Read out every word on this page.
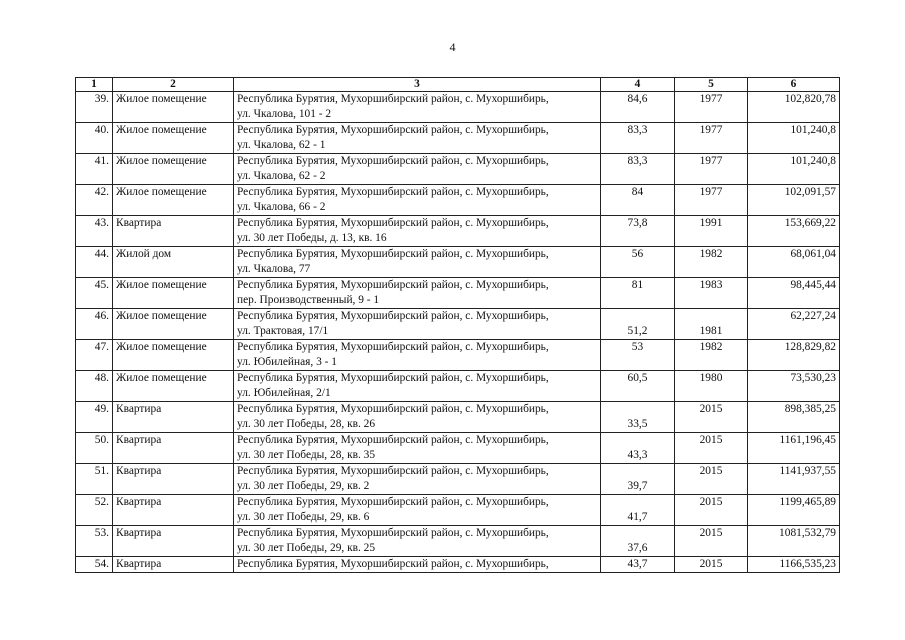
4
1	2	3	4	5	6
39.	Жилое помещение	Республика Бурятия, Мухоршибирский район, с. Мухоршибирь,
ул. Чкалова, 101 - 2	84,6	1977	102,820,78
40.	Жилое помещение	Республика Бурятия, Мухоршибирский район, с. Мухоршибирь,
ул. Чкалова, 62 - 1	83,3	1977	101,240,8
41.	Жилое помещение	Республика Бурятия, Мухоршибирский район, с. Мухоршибирь,
ул. Чкалова, 62 - 2	83,3	1977	101,240,8
42.	Жилое помещение	Республика Бурятия, Мухоршибирский район, с. Мухоршибирь,
ул. Чкалова, 66 - 2	84	1977	102,091,57
43.	Квартира	Республика Бурятия, Мухоршибирский район, с. Мухоршибирь,
ул. 30 лет Победы, д. 13, кв. 16	73,8	1991	153,669,22
44.	Жилой дом	Республика Бурятия, Мухоршибирский район, с. Мухоршибирь,
ул. Чкалова, 77	56	1982	68,061,04
45.	Жилое помещение	Республика Бурятия, Мухоршибирский район, с. Мухоршибирь,
пер. Производственный, 9 - 1	81	1983	98,445,44
46.	Жилое помещение	Республика Бурятия, Мухоршибирский район, с. Мухоршибирь,
ул. Трактовая, 17/1	51,2	1981	62,227,24
47.	Жилое помещение	Республика Бурятия, Мухоршибирский район, с. Мухоршибирь,
ул. Юбилейная, 3 - 1	53	1982	128,829,82
48.	Жилое помещение	Республика Бурятия, Мухоршибирский район, с. Мухоршибирь,
ул. Юбилейная, 2/1	60,5	1980	73,530,23
49.	Квартира	Республика Бурятия, Мухоршибирский район, с. Мухоршибирь,
ул. 30 лет Победы, 28, кв. 26	33,5	2015	898,385,25
50.	Квартира	Республика Бурятия, Мухоршибирский район, с. Мухоршибирь,
ул. 30 лет Победы, 28, кв. 35	43,3	2015	1161,196,45
51.	Квартира	Республика Бурятия, Мухоршибирский район, с. Мухоршибирь,
ул. 30 лет Победы, 29, кв. 2	39,7	2015	1141,937,55
52.	Квартира	Республика Бурятия, Мухоршибирский район, с. Мухоршибирь,
ул. 30 лет Победы, 29, кв. 6	41,7	2015	1199,465,89
53.	Квартира	Республика Бурятия, Мухоршибирский район, с. Мухоршибирь,
ул. 30 лет Победы, 29, кв. 25	37,6	2015	1081,532,79
54.	Квартира	Республика Бурятия, Мухоршибирский район, с. Мухоршибирь,	43,7	2015	1166,535,23
